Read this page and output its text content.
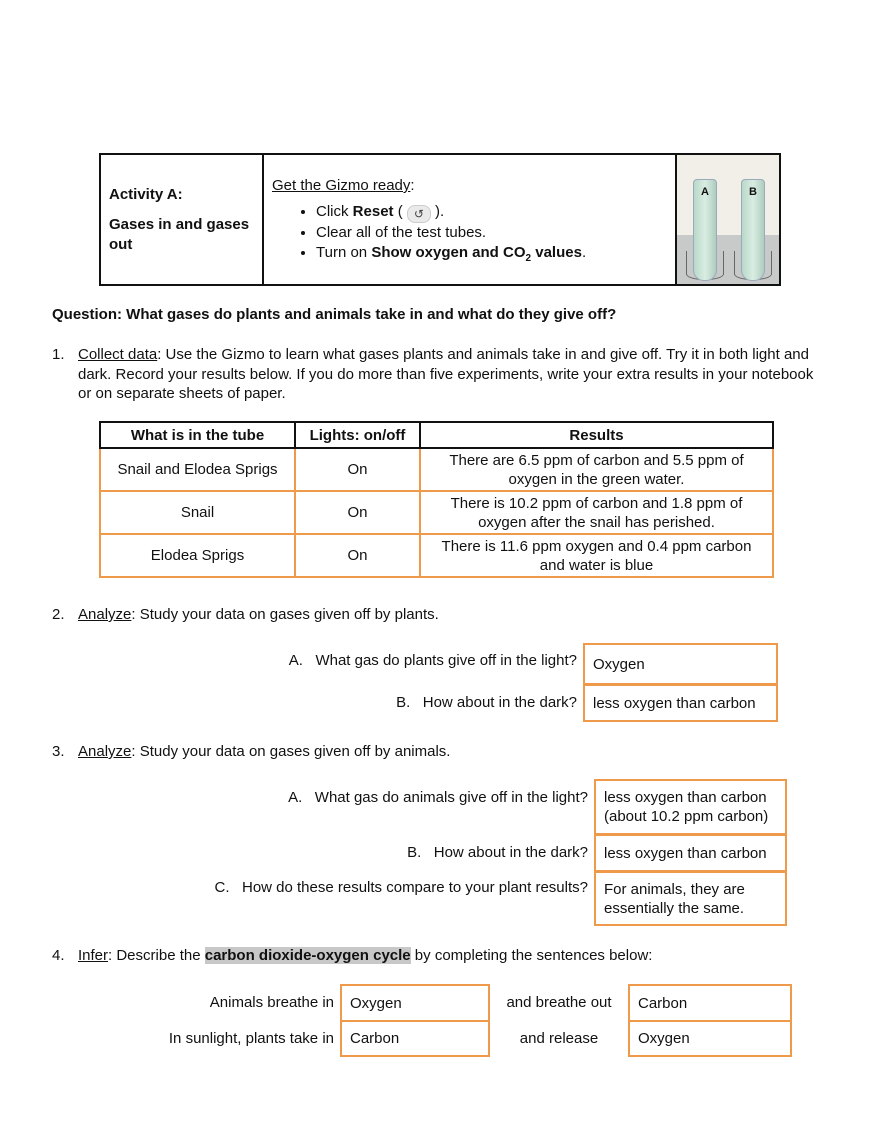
Activity A:
Gases in and gases out
Get the Gizmo ready:
• Click Reset ( ↺ ).
• Clear all of the test tubes.
• Turn on Show oxygen and $CO_2$ values.
A	B
Question: What gases do plants and animals take in and what do they give off?
1. Collect data: Use the Gizmo to learn what gases plants and animals take in and give off. Try it in both light and dark. Record your results below. If you do more than five experiments, write your extra results in your notebook or on separate sheets of paper.
What is in the tube	Lights: on/off	Results
Snail and Elodea Sprigs	On	There are 6.5 ppm of carbon and 5.5 ppm of oxygen in the green water.
Snail	On	There is 10.2 ppm of carbon and 1.8 ppm of oxygen after the snail has perished.
Elodea Sprigs	On	There is 11.6 ppm oxygen and 0.4 ppm carbon and water is blue
2. Analyze: Study your data on gases given off by plants.
A.   What gas do plants give off in the light?	Oxygen
B.   How about in the dark?	less oxygen than carbon
3. Analyze: Study your data on gases given off by animals.
A.   What gas do animals give off in the light?	less oxygen than carbon (about 10.2 ppm carbon)
B.   How about in the dark?	less oxygen than carbon
C.   How do these results compare to your plant results?	For animals, they are essentially the same.
4. Infer: Describe the carbon dioxide-oxygen cycle by completing the sentences below:
Animals breathe in	Oxygen	and breathe out	Carbon
In sunlight, plants take in	Carbon	and release	Oxygen
